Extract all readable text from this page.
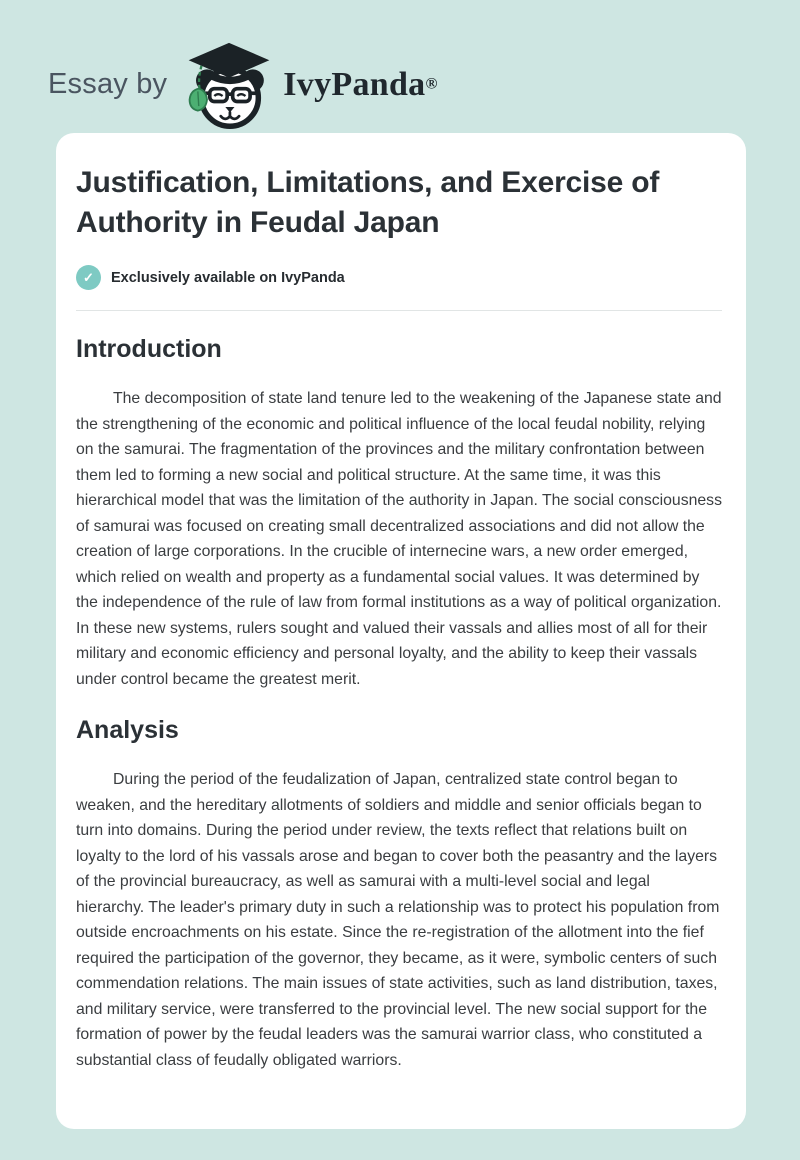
Essay by	IvyPanda®
Justification, Limitations, and Exercise of Authority in Feudal Japan
✓	Exclusively available on IvyPanda
Introduction

The decomposition of state land tenure led to the weakening of the Japanese state and the strengthening of the economic and political influence of the local feudal nobility, relying on the samurai. The fragmentation of the provinces and the military confrontation between them led to forming a new social and political structure. At the same time, it was this hierarchical model that was the limitation of the authority in Japan. The social consciousness of samurai was focused on creating small decentralized associations and did not allow the creation of large corporations. In the crucible of internecine wars, a new order emerged, which relied on wealth and property as a fundamental social values. It was determined by the independence of the rule of law from formal institutions as a way of political organization. In these new systems, rulers sought and valued their vassals and allies most of all for their military and economic efficiency and personal loyalty, and the ability to keep their vassals under control became the greatest merit.

Analysis

During the period of the feudalization of Japan, centralized state control began to weaken, and the hereditary allotments of soldiers and middle and senior officials began to turn into domains. During the period under review, the texts reflect that relations built on loyalty to the lord of his vassals arose and began to cover both the peasantry and the layers of the provincial bureaucracy, as well as samurai with a multi-level social and legal hierarchy. The leader's primary duty in such a relationship was to protect his population from outside encroachments on his estate. Since the re-registration of the allotment into the fief required the participation of the governor, they became, as it were, symbolic centers of such commendation relations. The main issues of state activities, such as land distribution, taxes, and military service, were transferred to the provincial level. The new social support for the formation of power by the feudal leaders was the samurai warrior class, who constituted a substantial class of feudally obligated warriors.
